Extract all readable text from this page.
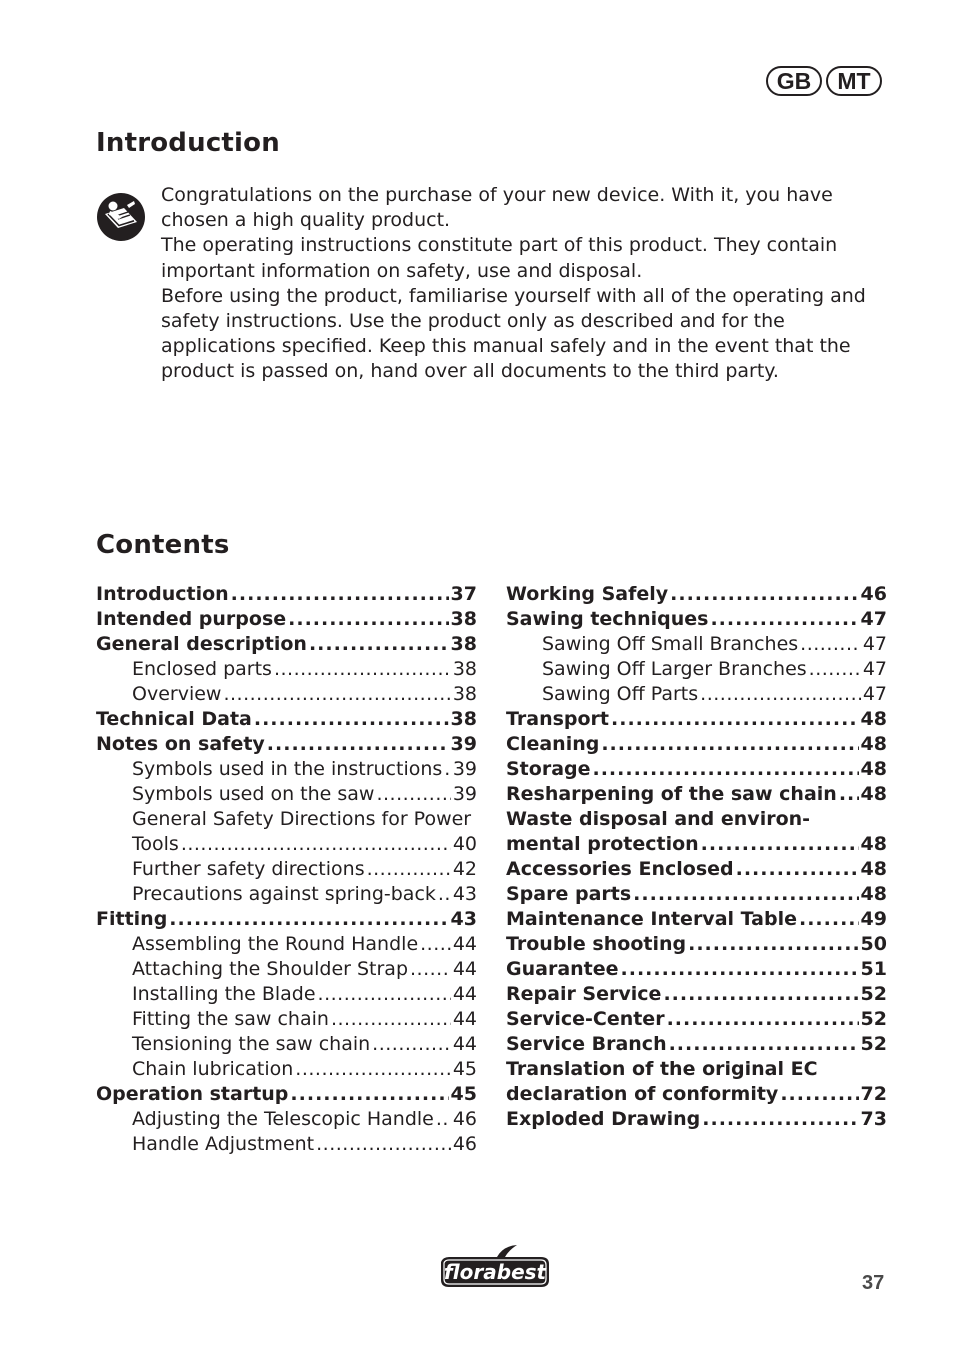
GB	MT
Introduction

Congratulations on the purchase of your new device. With it, you have chosen a high quality product.

The operating instructions constitute part of this product. They contain important information on safety, use and disposal.

Before using the product, familiarise yourself with all of the operating and safety instructions. Use the product only as described and for the applications specified. Keep this manual safely and in the event that the product is passed on, hand over all documents to the third party.

Contents
Introduction .....	37
Intended purpose .....	38
General description .....	38
Enclosed parts .....	38
Overview .....	38
Technical Data .....	38
Notes on safety .....	39
Symbols used in the instructions ..... 39
Symbols used on the saw .....	39
General Safety Directions for Power
Tools .....	40
Further safety directions .....	42
Precautions against spring-back ..... 43
Fitting .....	43
Assembling the Round Handle ..... 44
Attaching the Shoulder Strap ..... 44
Installing the Blade .....	44
Fitting the saw chain .....	44
Tensioning the saw chain .....	44
Chain lubrication .....	45
Operation startup .....	45
Adjusting the Telescopic Handle ..... 46
Handle Adjustment .....	46
Working Safely .....	46
Sawing techniques .....	47
Sawing Off Small Branches .....	47
Sawing Off Larger Branches .....	47
Sawing Off Parts .....	47
Transport .....	48
Cleaning .....	48
Storage .....	48
Resharpening of the saw chain ..... 48
Waste disposal and environ-
mental protection .....	48
Accessories Enclosed .....	48
Spare parts .....	48
Maintenance Interval Table .....	49
Trouble shooting .....	50
Guarantee .....	51
Repair Service .....	52
Service-Center .....	52
Service Branch .....	52
Translation of the original EC
declaration of conformity .....	72
Exploded Drawing .....	73
florabest	37
